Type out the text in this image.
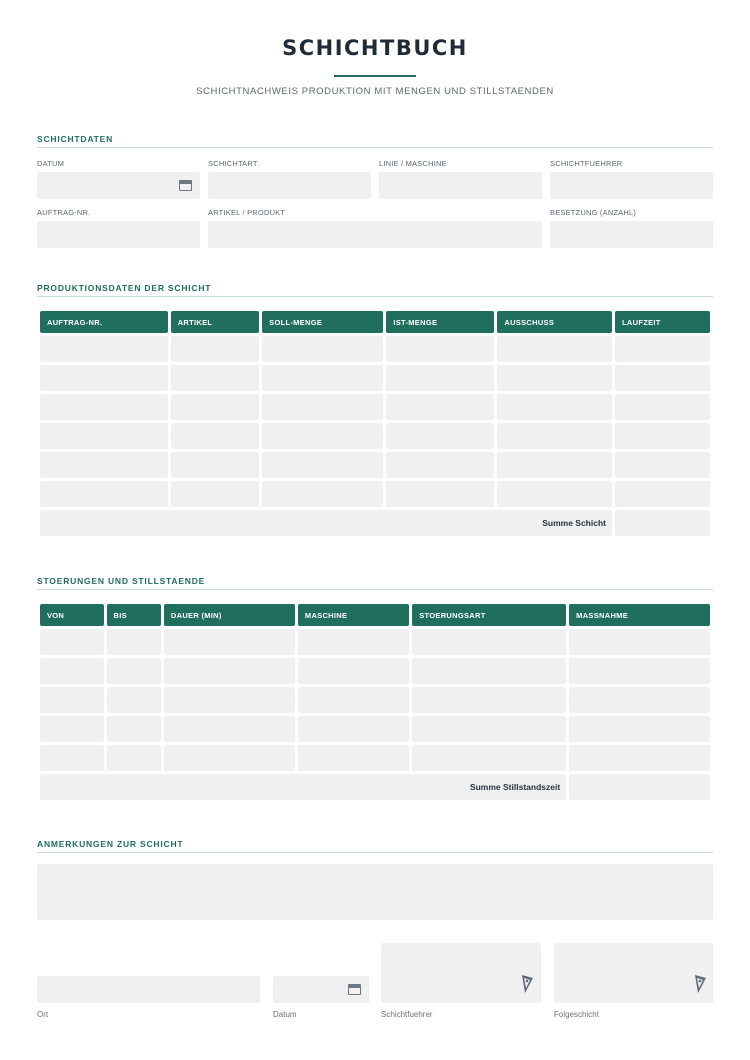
SCHICHTBUCH
SCHICHTNACHWEIS PRODUKTION MIT MENGEN UND STILLSTAENDEN
SCHICHTDATEN
DATUM	SCHICHTART	LINIE / MASCHINE	SCHICHTFUEHRER
AUFTRAG-NR.	ARTIKEL / PRODUKT	BESETZUNG (ANZAHL)
PRODUKTIONSDATEN DER SCHICHT
AUFTRAG-NR.	ARTIKEL	SOLL-MENGE	IST-MENGE	AUSSCHUSS	LAUFZEIT

Summe Schicht					
STOERUNGEN UND STILLSTAENDE
VON	BIS	DAUER (MIN)	MASCHINE	STOERUNGSART	MASSNAHME

Summe Stillstandszeit					
ANMERKUNGEN ZUR SCHICHT
Ort	Datum	Schichtfuehrer	Folgeschicht
